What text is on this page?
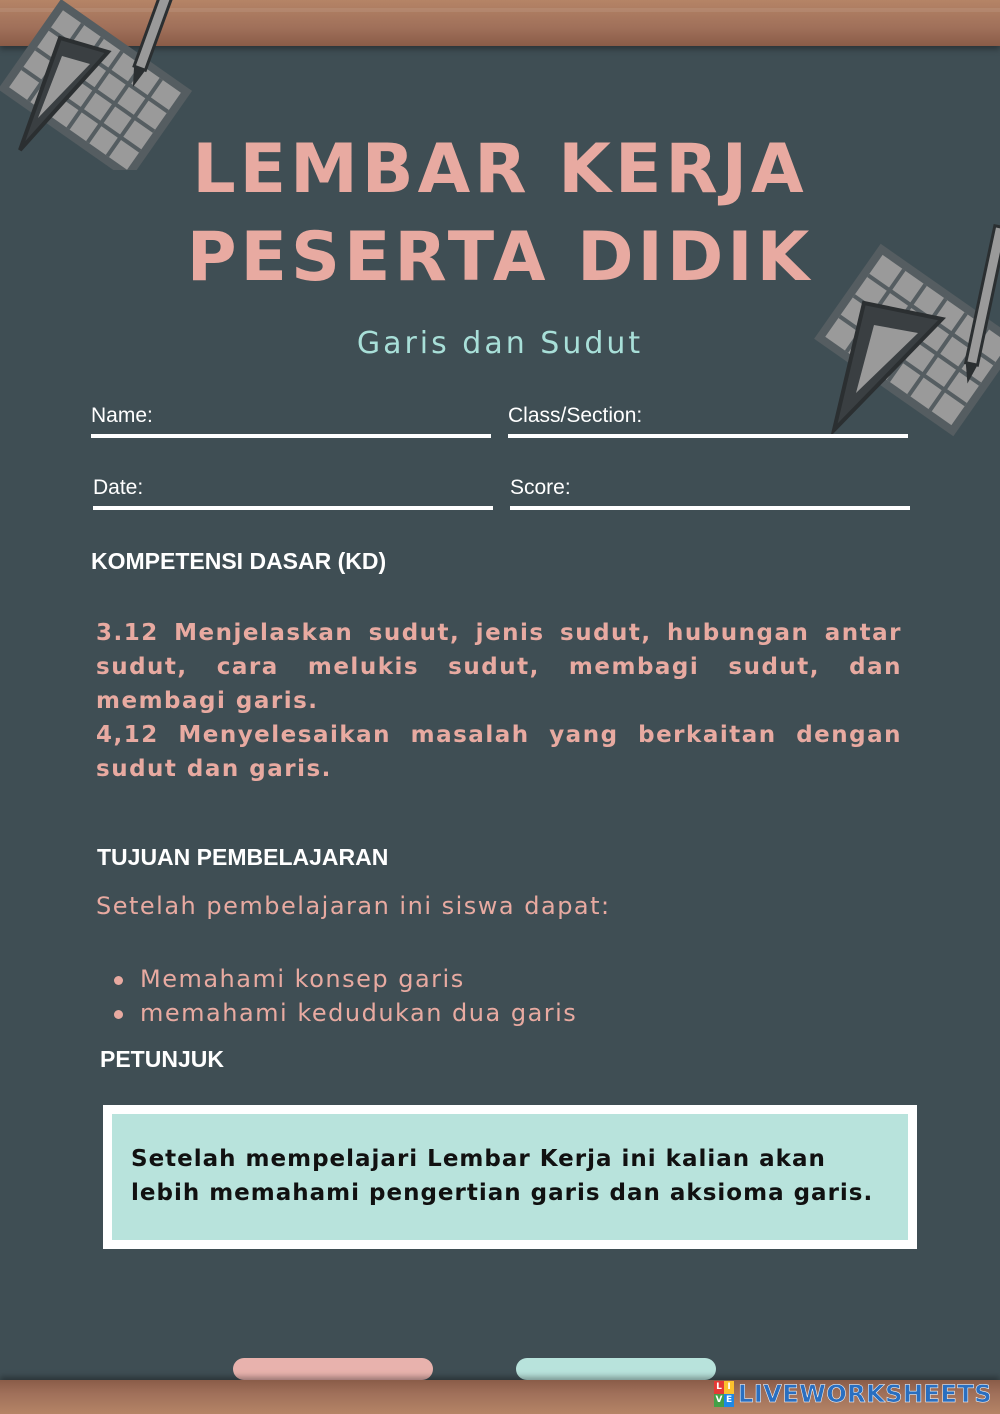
LEMBAR KERJA
PESERTA DIDIK
Garis dan Sudut
Name:	Class/Section:
Date:	Score:
KOMPETENSI DASAR (KD)

3.12 Menjelaskan sudut, jenis sudut, hubungan antar sudut, cara melukis sudut, membagi sudut, dan membagi garis.

4,12 Menyelesaikan masalah yang berkaitan dengan sudut dan garis.

TUJUAN PEMBELAJARAN
Setelah pembelajaran ini siswa dapat:
Memahami konsep garis
memahami kedudukan dua garis
PETUNJUK
Setelah mempelajari Lembar Kerja ini kalian akan lebih memahami pengertian garis dan aksioma garis.
L I
V E LIVEWORKSHEETS
